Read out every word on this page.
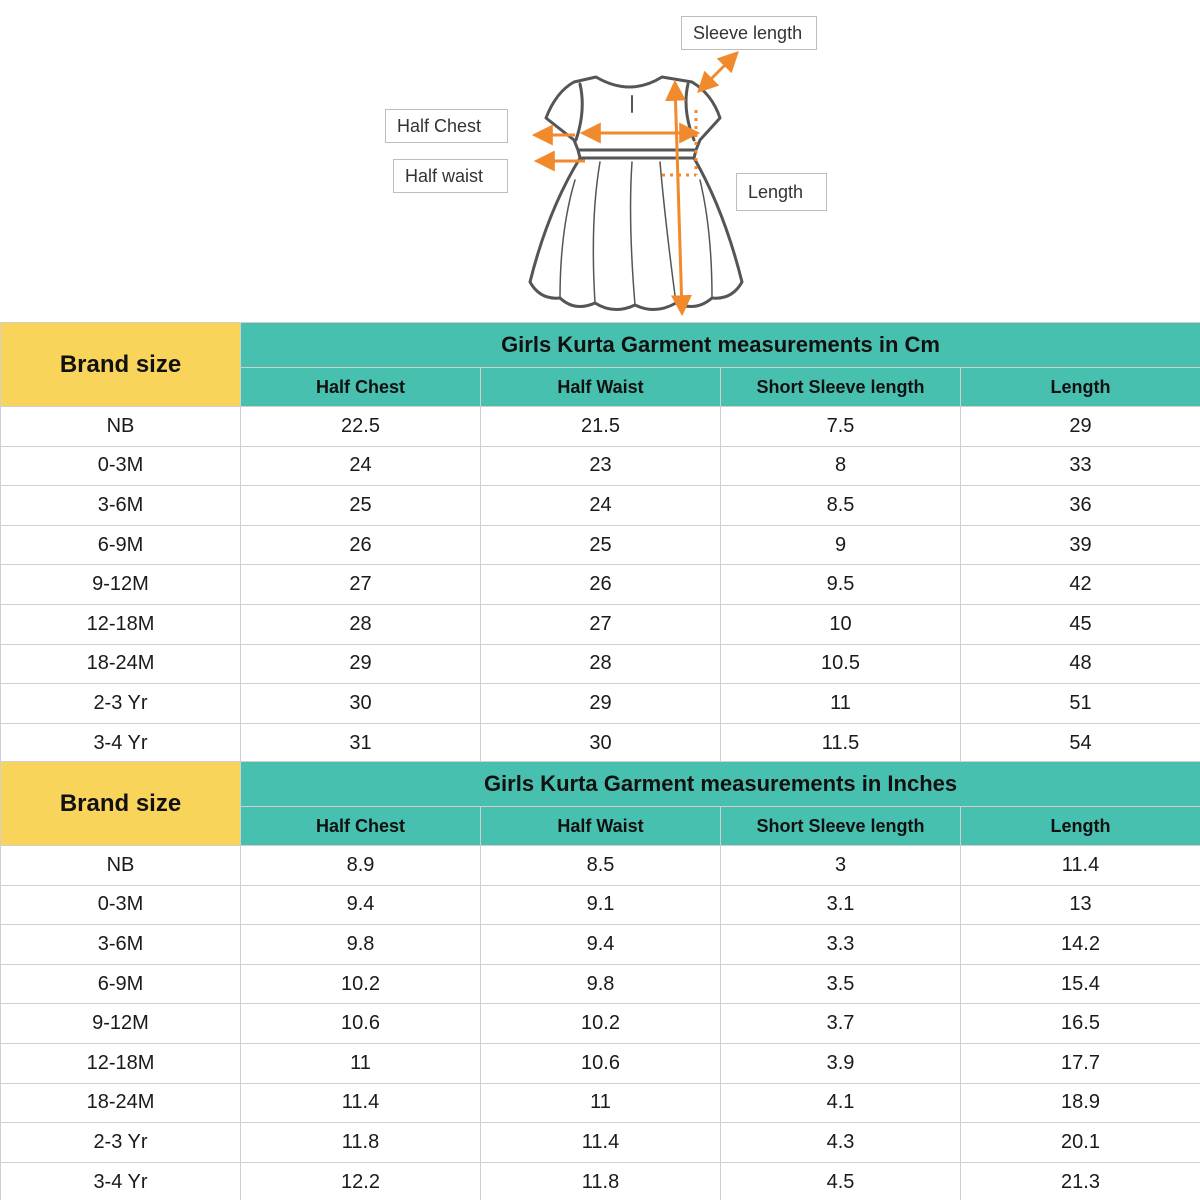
Sleeve length
Half Chest
Half waist
Length
Brand size	Girls Kurta Garment measurements in Cm			
	Half Chest	Half Waist	Short Sleeve length	Length
NB	22.5	21.5	7.5	29
0-3M	24	23	8	33
3-6M	25	24	8.5	36
6-9M	26	25	9	39
9-12M	27	26	9.5	42
12-18M	28	27	10	45
18-24M	29	28	10.5	48
2-3 Yr	30	29	11	51
3-4 Yr	31	30	11.5	54
Brand size	Girls Kurta Garment measurements in Inches			
	Half Chest	Half Waist	Short Sleeve length	Length
NB	8.9	8.5	3	11.4
0-3M	9.4	9.1	3.1	13
3-6M	9.8	9.4	3.3	14.2
6-9M	10.2	9.8	3.5	15.4
9-12M	10.6	10.2	3.7	16.5
12-18M	11	10.6	3.9	17.7
18-24M	11.4	11	4.1	18.9
2-3 Yr	11.8	11.4	4.3	20.1
3-4 Yr	12.2	11.8	4.5	21.3
